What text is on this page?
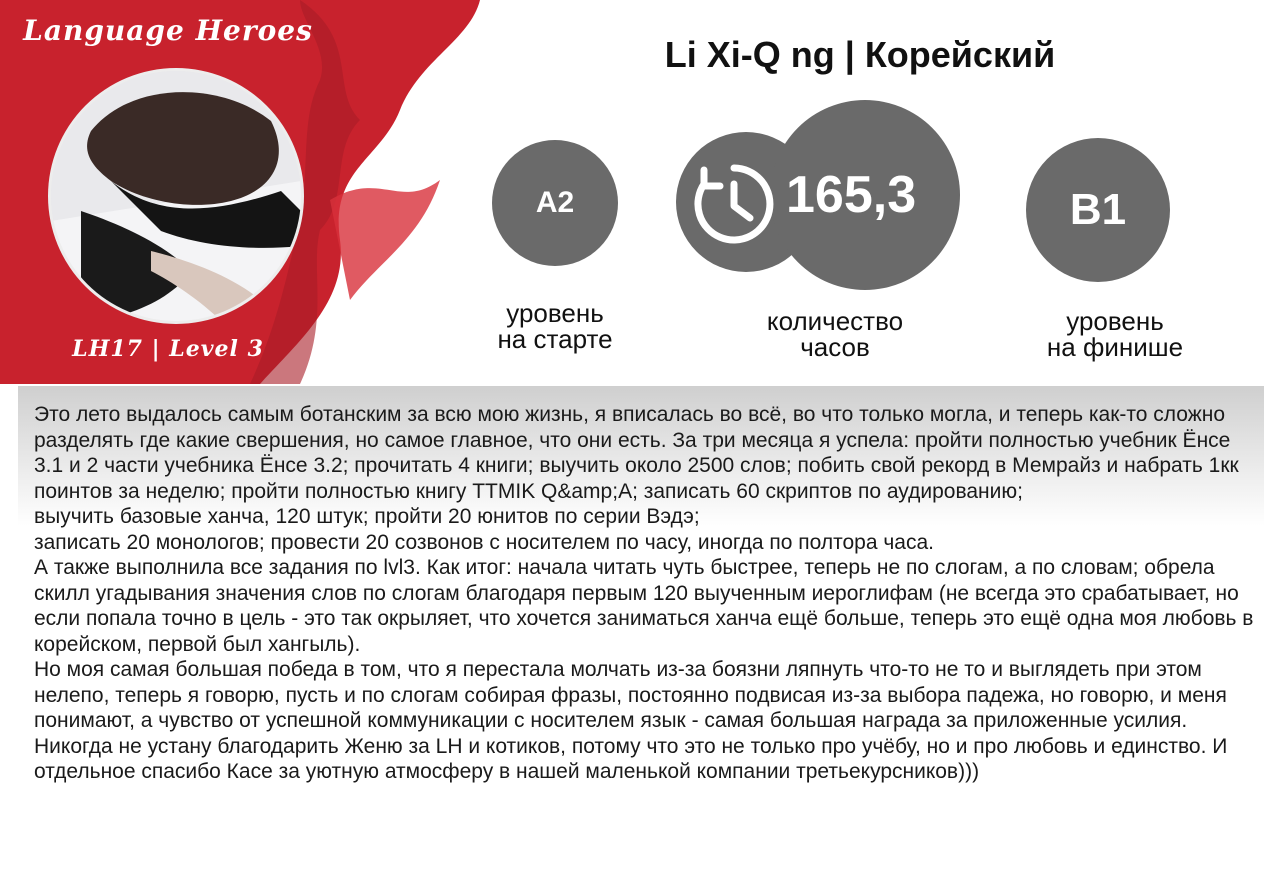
Language Heroes
LH17 | Level 3
Li Xi-Q ng | Корейский
A2	165,3	B1
уровень
на старте
количество
часов
уровень
на финише

Это лето выдалось самым ботанским за всю мою жизнь, я вписалась во всё, во что только могла, и теперь как-то сложно разделять где какие свершения, но самое главное, что они есть. За три месяца я успела: пройти полностью учебник Ёнсе 3.1 и 2 части учебника Ёнсе 3.2; прочитать 4 книги; выучить около 2500 слов; побить свой рекорд в Мемрайз и набрать 1кк поинтов за неделю; пройти полностью книгу TTMIK Q&amp;A; записать 60 скриптов по аудированию;

выучить базовые ханча, 120 штук; пройти 20 юнитов по серии Вэдэ;

записать 20 монологов; провести 20 созвонов с носителем по часу, иногда по полтора часа.

А также выполнила все задания по lvl3. Как итог: начала читать чуть быстрее, теперь не по слогам, а по словам; обрела скилл угадывания значения слов по слогам благодаря первым 120 выученным иероглифам (не всегда это срабатывает, но если попала точно в цель - это так окрыляет, что хочется заниматься ханча ещё больше, теперь это ещё одна моя любовь в корейском, первой был хангыль).

Но моя самая большая победа в том, что я перестала молчать из-за боязни ляпнуть что-то не то и выглядеть при этом нелепо, теперь я говорю, пусть и по слогам собирая фразы, постоянно подвисая из-за выбора падежа, но говорю, и меня понимают, а чувство от успешной коммуникации с носителем язык - самая большая награда за приложенные усилия.

Никогда не устану благодарить Женю за LH и котиков, потому что это не только про учёбу, но и про любовь и единство. И отдельное спасибо Касе за уютную атмосферу в нашей маленькой компании третьекурсников)))
